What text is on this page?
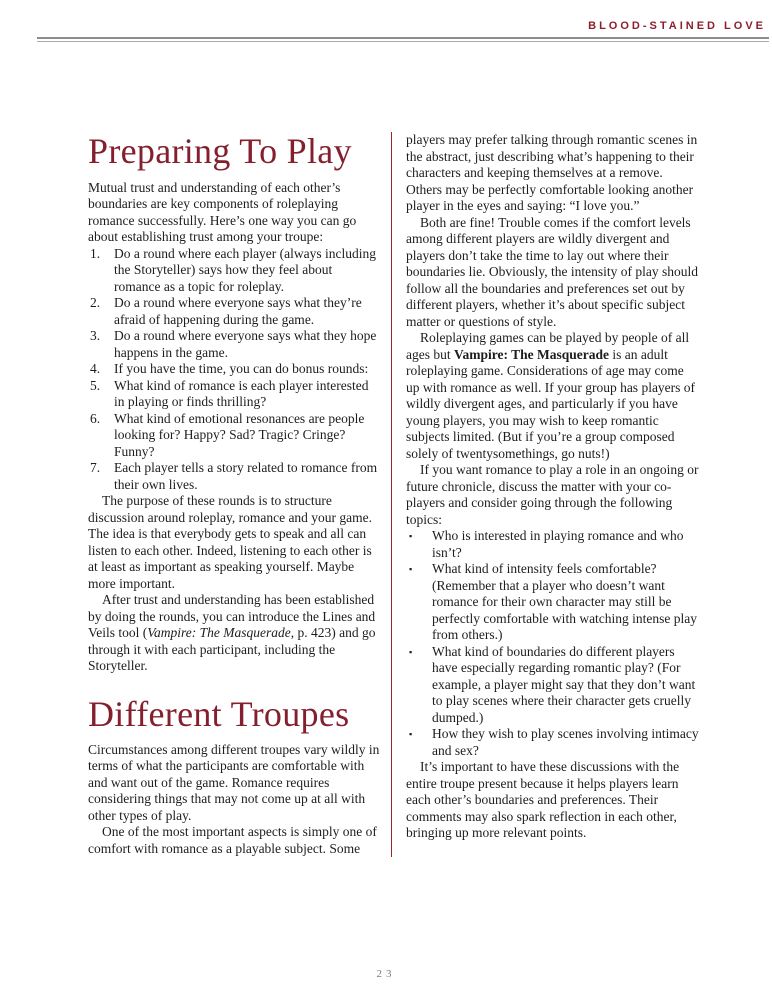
BLOOD-STAINED LOVE
Preparing To Play

Mutual trust and understanding of each other’s boundaries are key components of roleplaying romance successfully. Here’s one way you can go about establishing trust among your troupe:

1. Do a round where each player (always including the Storyteller) says how they feel about romance as a topic for roleplay.
2. Do a round where everyone says what they’re afraid of happening during the game.
3. Do a round where everyone says what they hope happens in the game.
4. If you have the time, you can do bonus rounds:
5. What kind of romance is each player interested in playing or finds thrilling?
6. What kind of emotional resonances are people looking for? Happy? Sad? Tragic? Cringe? Funny?
7. Each player tells a story related to romance from their own lives.

The purpose of these rounds is to structure discussion around roleplay, romance and your game. The idea is that everybody gets to speak and all can listen to each other. Indeed, listening to each other is at least as important as speaking yourself. Maybe more important.

After trust and understanding has been established by doing the rounds, you can introduce the Lines and Veils tool (Vampire: The Masquerade, p. 423) and go through it with each participant, including the Storyteller.

Different Troupes

Circumstances among different troupes vary wildly in terms of what the participants are comfortable with and want out of the game. Romance requires considering things that may not come up at all with other types of play.

One of the most important aspects is simply one of comfort with romance as a playable subject. Some

players may prefer talking through romantic scenes in the abstract, just describing what’s happening to their characters and keeping themselves at a remove. Others may be perfectly comfortable looking another player in the eyes and saying: “I love you.”

Both are fine! Trouble comes if the comfort levels among different players are wildly divergent and players don’t take the time to lay out where their boundaries lie. Obviously, the intensity of play should follow all the boundaries and preferences set out by different players, whether it’s about specific subject matter or questions of style.

Roleplaying games can be played by people of all ages but Vampire: The Masquerade is an adult roleplaying game. Considerations of age may come up with romance as well. If your group has players of wildly divergent ages, and particularly if you have young players, you may wish to keep romantic subjects limited. (But if you’re a group composed solely of twentysomethings, go nuts!)

If you want romance to play a role in an ongoing or future chronicle, discuss the matter with your co-players and consider going through the following topics:

▪ Who is interested in playing romance and who isn’t?
▪ What kind of intensity feels comfortable? (Remember that a player who doesn’t want romance for their own character may still be perfectly comfortable with watching intense play from others.)
▪ What kind of boundaries do different players have especially regarding romantic play? (For example, a player might say that they don’t want to play scenes where their character gets cruelly dumped.)
▪ How they wish to play scenes involving intimacy and sex?

It’s important to have these discussions with the entire troupe present because it helps players learn each other’s boundaries and preferences. Their comments may also spark reflection in each other, bringing up more relevant points.

23
